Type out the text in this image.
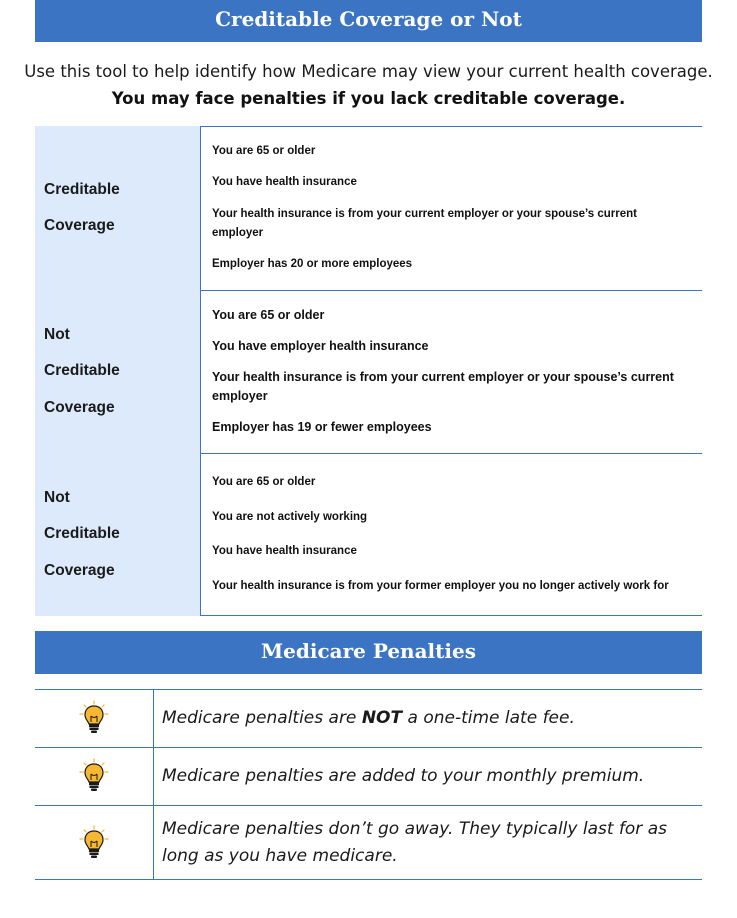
Creditable Coverage or Not
Use this tool to help identify how Medicare may view your current health coverage. You may face penalties if you lack creditable coverage.
Creditable
Coverage
You are 65 or older
You have health insurance
Your health insurance is from your current employer or your spouse’s current employer
Employer has 20 or more employees
Not
Creditable
Coverage
You are 65 or older
You have employer health insurance
Your health insurance is from your current employer or your spouse’s current employer
Employer has 19 or fewer employees
Not
Creditable
Coverage
You are 65 or older
You are not actively working
You have health insurance
Your health insurance is from your former employer you no longer actively work for
Medicare Penalties
Medicare penalties are NOT a one-time late fee.
Medicare penalties are added to your monthly premium.
Medicare penalties don’t go away. They typically last for as long as you have medicare.
